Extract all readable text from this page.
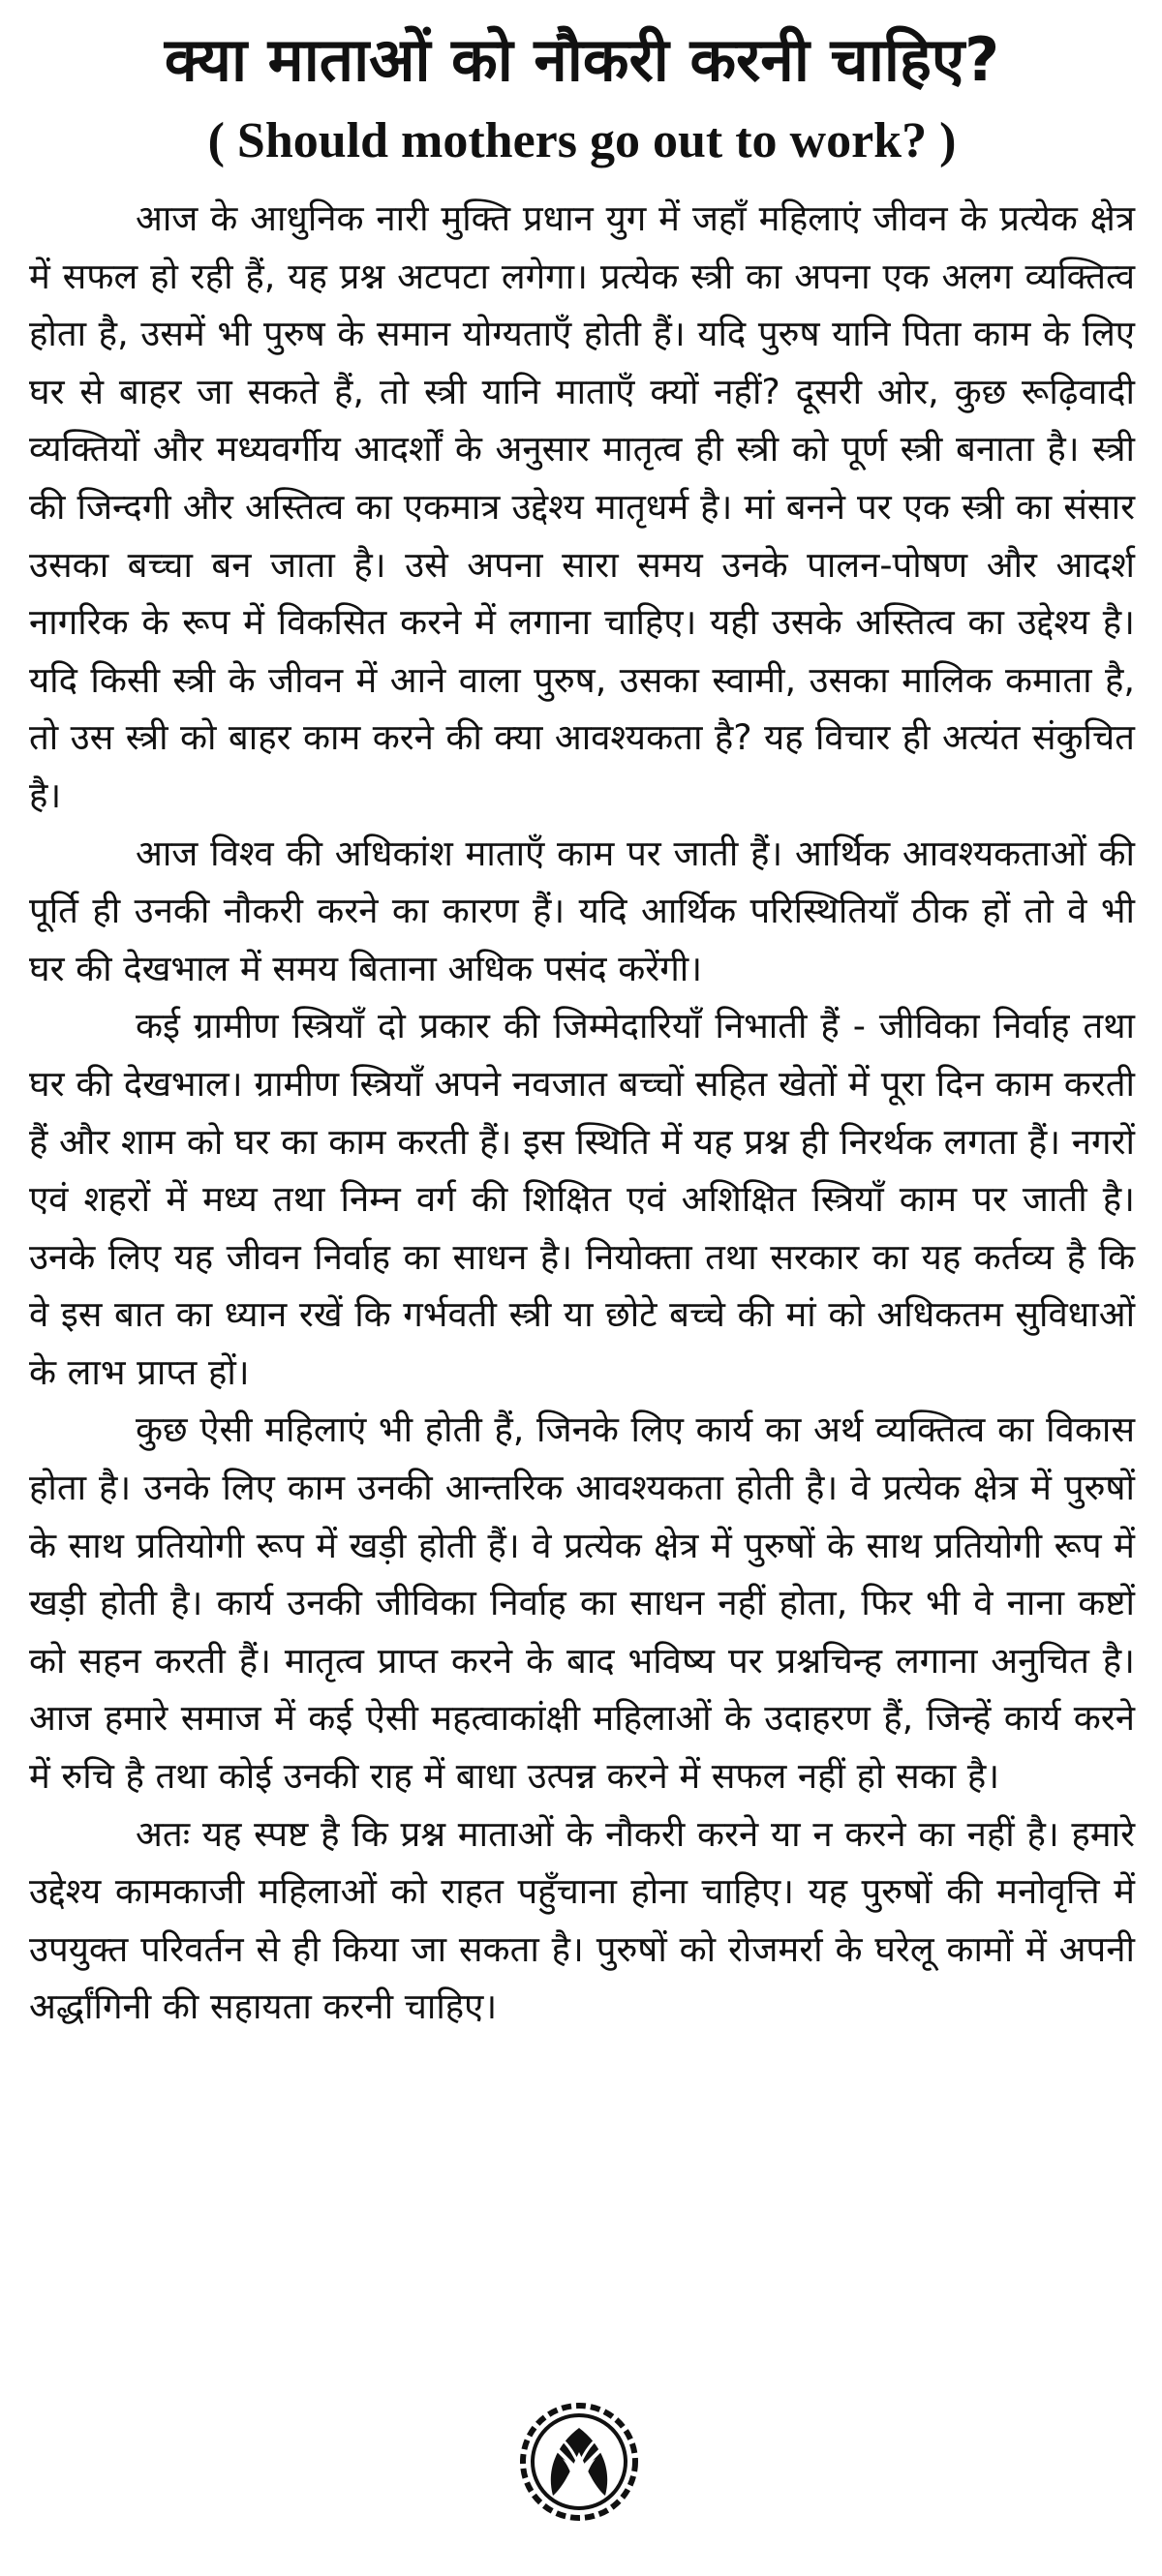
क्या माताओं को नौकरी करनी चाहिए?
( Should mothers go out to work? )

आज के आधुनिक नारी मुक्ति प्रधान युग में जहाँ महिलाएं जीवन के प्रत्येक क्षेत्र में सफल हो रही हैं, यह प्रश्न अटपटा लगेगा। प्रत्येक स्त्री का अपना एक अलग व्यक्तित्व होता है, उसमें भी पुरुष के समान योग्यताएँ होती हैं। यदि पुरुष यानि पिता काम के लिए घर से बाहर जा सकते हैं, तो स्त्री यानि माताएँ क्यों नहीं? दूसरी ओर, कुछ रूढ़िवादी व्यक्तियों और मध्यवर्गीय आदर्शों के अनुसार मातृत्व ही स्त्री को पूर्ण स्त्री बनाता है। स्त्री की जिन्दगी और अस्तित्व का एकमात्र उद्देश्य मातृधर्म है। मां बनने पर एक स्त्री का संसार उसका बच्चा बन जाता है। उसे अपना सारा समय उनके पालन-पोषण और आदर्श नागरिक के रूप में विकसित करने में लगाना चाहिए। यही उसके अस्तित्व का उद्देश्य है। यदि किसी स्त्री के जीवन में आने वाला पुरुष, उसका स्वामी, उसका मालिक कमाता है, तो उस स्त्री को बाहर काम करने की क्या आवश्यकता है? यह विचार ही अत्यंत संकुचित है।

आज विश्व की अधिकांश माताएँ काम पर जाती हैं। आर्थिक आवश्यकताओं की पूर्ति ही उनकी नौकरी करने का कारण हैं। यदि आर्थिक परिस्थितियाँ ठीक हों तो वे भी घर की देखभाल में समय बिताना अधिक पसंद करेंगी।

कई ग्रामीण स्त्रियाँ दो प्रकार की जिम्मेदारियाँ निभाती हैं - जीविका निर्वाह तथा घर की देखभाल। ग्रामीण स्त्रियाँ अपने नवजात बच्चों सहित खेतों में पूरा दिन काम करती हैं और शाम को घर का काम करती हैं। इस स्थिति में यह प्रश्न ही निरर्थक लगता हैं। नगरों एवं शहरों में मध्य तथा निम्न वर्ग की शिक्षित एवं अशिक्षित स्त्रियाँ काम पर जाती है। उनके लिए यह जीवन निर्वाह का साधन है। नियोक्ता तथा सरकार का यह कर्तव्य है कि वे इस बात का ध्यान रखें कि गर्भवती स्त्री या छोटे बच्चे की मां को अधिकतम सुविधाओं के लाभ प्राप्त हों।

कुछ ऐसी महिलाएं भी होती हैं, जिनके लिए कार्य का अर्थ व्यक्तित्व का विकास होता है। उनके लिए काम उनकी आन्तरिक आवश्यकता होती है। वे प्रत्येक क्षेत्र में पुरुषों के साथ प्रतियोगी रूप में खड़ी होती हैं। वे प्रत्येक क्षेत्र में पुरुषों के साथ प्रतियोगी रूप में खड़ी होती है। कार्य उनकी जीविका निर्वाह का साधन नहीं होता, फिर भी वे नाना कष्टों को सहन करती हैं। मातृत्व प्राप्त करने के बाद भविष्य पर प्रश्नचिन्ह लगाना अनुचित है। आज हमारे समाज में कई ऐसी महत्वाकांक्षी महिलाओं के उदाहरण हैं, जिन्हें कार्य करने में रुचि है तथा कोई उनकी राह में बाधा उत्पन्न करने में सफल नहीं हो सका है।

अतः यह स्पष्ट है कि प्रश्न माताओं के नौकरी करने या न करने का नहीं है। हमारे उद्देश्य कामकाजी महिलाओं को राहत पहुँचाना होना चाहिए। यह पुरुषों की मनोवृत्ति में उपयुक्त परिवर्तन से ही किया जा सकता है। पुरुषों को रोजमर्रा के घरेलू कामों में अपनी अर्द्धांगिनी की सहायता करनी चाहिए।
